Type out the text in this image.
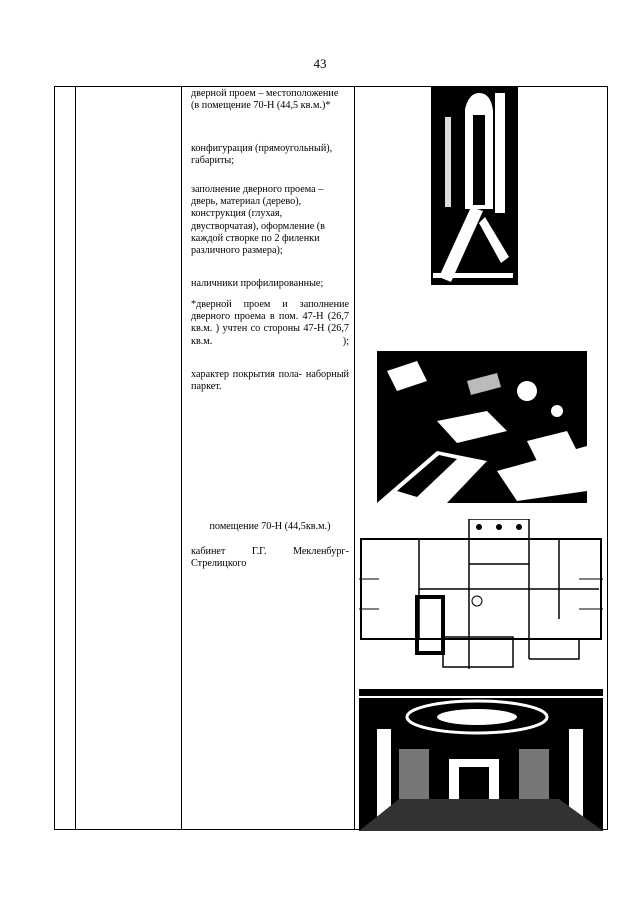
43
дверной проем – местоположение (в помещение 70-Н (44,5 кв.м.)*
конфигурация (прямоугольный), габариты;
заполнение дверного проема – дверь, материал (дерево), конструкция (глухая, двустворчатая), оформление (в каждой створке по 2 филенки различного размера);
наличники профилированные;
*дверной проем и заполнение дверного проема в пом. 47-Н (26,7 кв.м. ) учтен со стороны 47-Н (26,7 кв.м. );
характер покрытия пола- наборный паркет.
помещение 70-Н (44,5кв.м.)
кабинет Г.Г. Мекленбург-Стрелицкого
